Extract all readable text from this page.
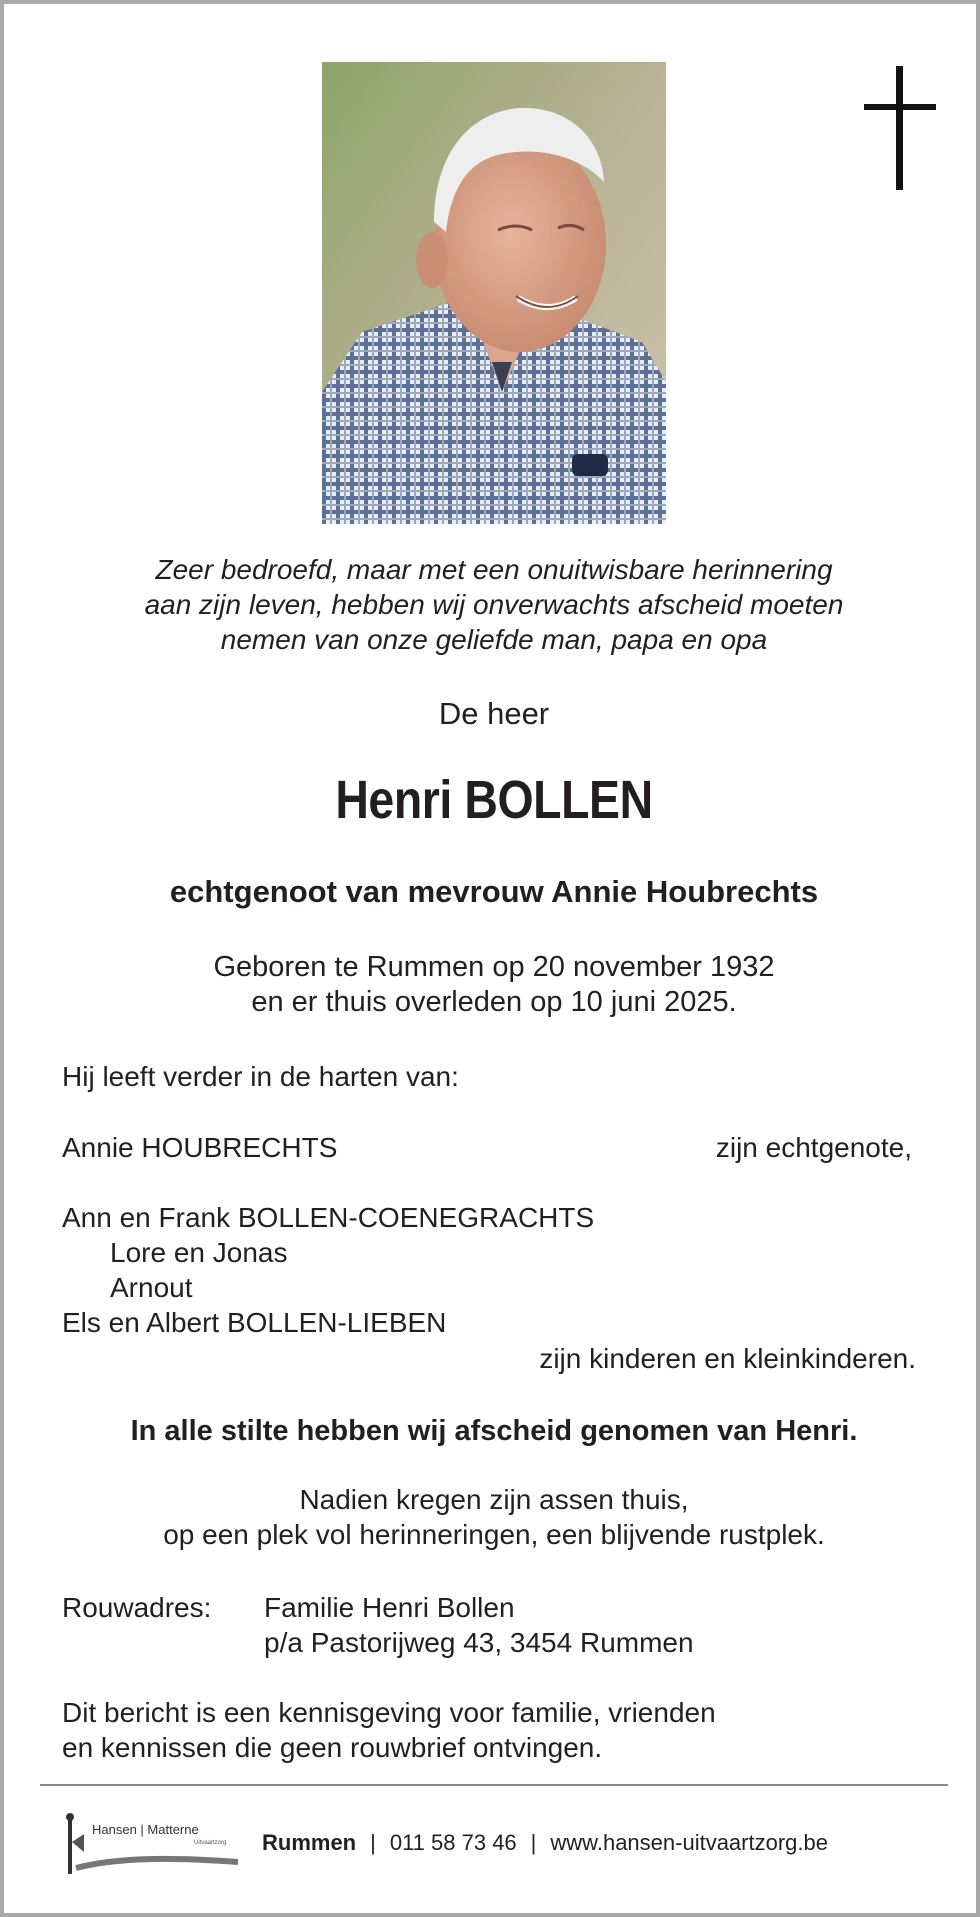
Zeer bedroefd, maar met een onuitwisbare herinnering
aan zijn leven, hebben wij onverwachts afscheid moeten
nemen van onze geliefde man, papa en opa
De heer
Henri BOLLEN
echtgenoot van mevrouw Annie Houbrechts
Geboren te Rummen op 20 november 1932
en er thuis overleden op 10 juni 2025.
Hij leeft verder in de harten van:
Annie HOUBRECHTS	zijn echtgenote,
Ann en Frank BOLLEN-COENEGRACHTS
Lore en Jonas
Arnout
Els en Albert BOLLEN-LIEBEN
zijn kinderen en kleinkinderen.
In alle stilte hebben wij afscheid genomen van Henri.
Nadien kregen zijn assen thuis,
op een plek vol herinneringen, een blijvende rustplek.
Rouwadres: Familie Henri Bollen
p/a Pastorijweg 43, 3454 Rummen
Dit bericht is een kennisgeving voor familie, vrienden
en kennissen die geen rouwbrief ontvingen.
Hansen | Matterne
Uitvaartzorg Rummen | 011 58 73 46 | www.hansen-uitvaartzorg.be
